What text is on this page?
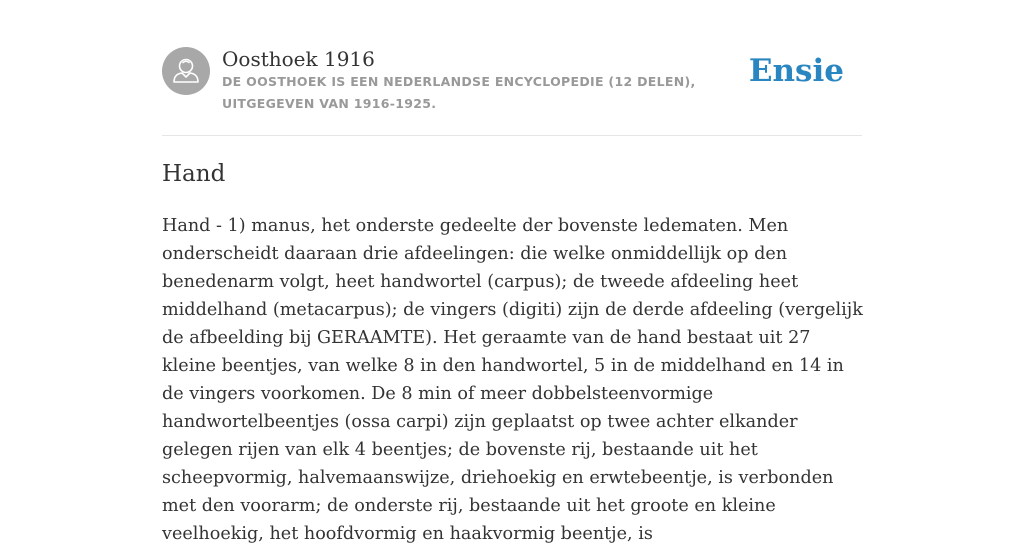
Oosthoek 1916
DE OOSTHOEK IS EEN NEDERLANDSE ENCYCLOPEDIE (12 DELEN), UITGEGEVEN VAN 1916-1925.
Ensie
Hand

Hand - 1) manus, het onderste gedeelte der bovenste ledematen. Men onderscheidt daaraan drie afdeelingen: die welke onmiddellijk op den benedenarm volgt, heet handwortel (carpus); de tweede afdeeling heet middelhand (metacarpus); de vingers (digiti) zijn de derde afdeeling (vergelijk de afbeelding bij GERAAMTE). Het geraamte van de hand bestaat uit 27 kleine beentjes, van welke 8 in den handwortel, 5 in de middelhand en 14 in de vingers voorkomen. De 8 min of meer dobbelsteenvormige handwortelbeentjes (ossa carpi) zijn geplaatst op twee achter elkander gelegen rijen van elk 4 beentjes; de bovenste rij, bestaande uit het scheepvormig, halvemaanswijze, driehoekig en erwtebeentje, is verbonden met den voorarm; de onderste rij, bestaande uit het groote en kleine veelhoekig, het hoofdvormig en haakvormig beentje, is
